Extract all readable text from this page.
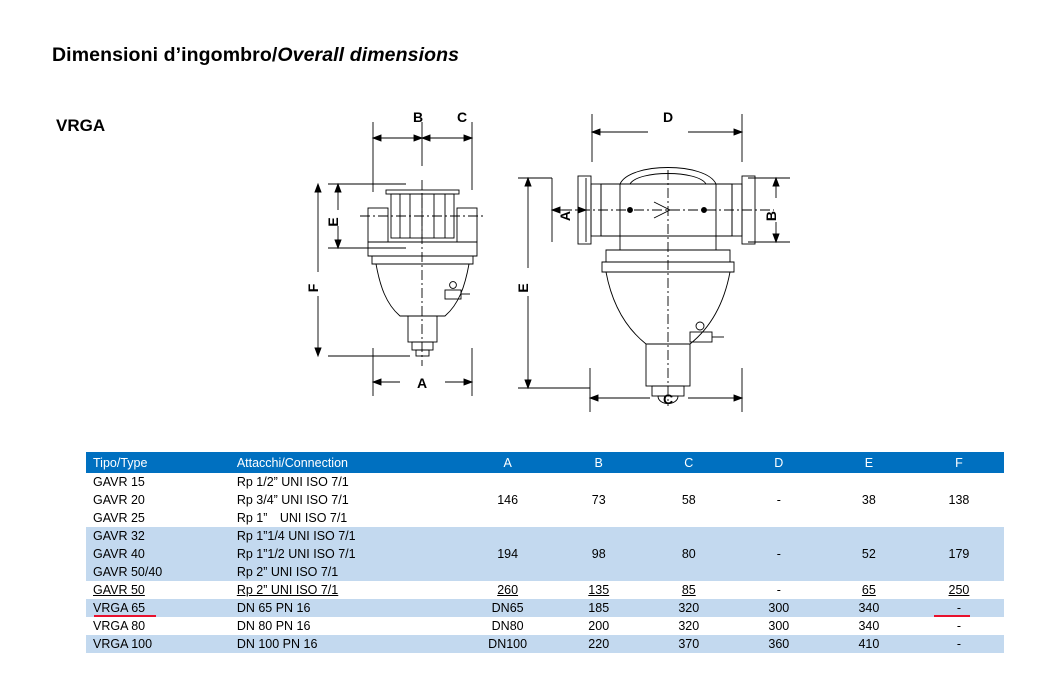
Dimensioni d’ingombro/Overall dimensions
VRGA	B C
E
F
A
D
A	B
E
C
Tipo/Type	Attacchi/Connection	A	B	C	D	E	F
GAVR 15	Rp 1/2” UNI ISO 7/1	146	73	58	-	38	138
GAVR 20	Rp 3/4” UNI ISO 7/1						
GAVR 25	Rp 1” UNI ISO 7/1						
GAVR 32	Rp 1”1/4 UNI ISO 7/1	194	98	80	-	52	179
GAVR 40	Rp 1”1/2 UNI ISO 7/1						
GAVR 50/40	Rp 2” UNI ISO 7/1						
GAVR 50	Rp 2” UNI ISO 7/1	260	135	85	-	65	250
VRGA 65	DN 65 PN 16	DN65	185	320	300	340	-
VRGA 80	DN 80 PN 16	DN80	200	320	300	340	-
VRGA 100	DN 100 PN 16	DN100	220	370	360	410	-
